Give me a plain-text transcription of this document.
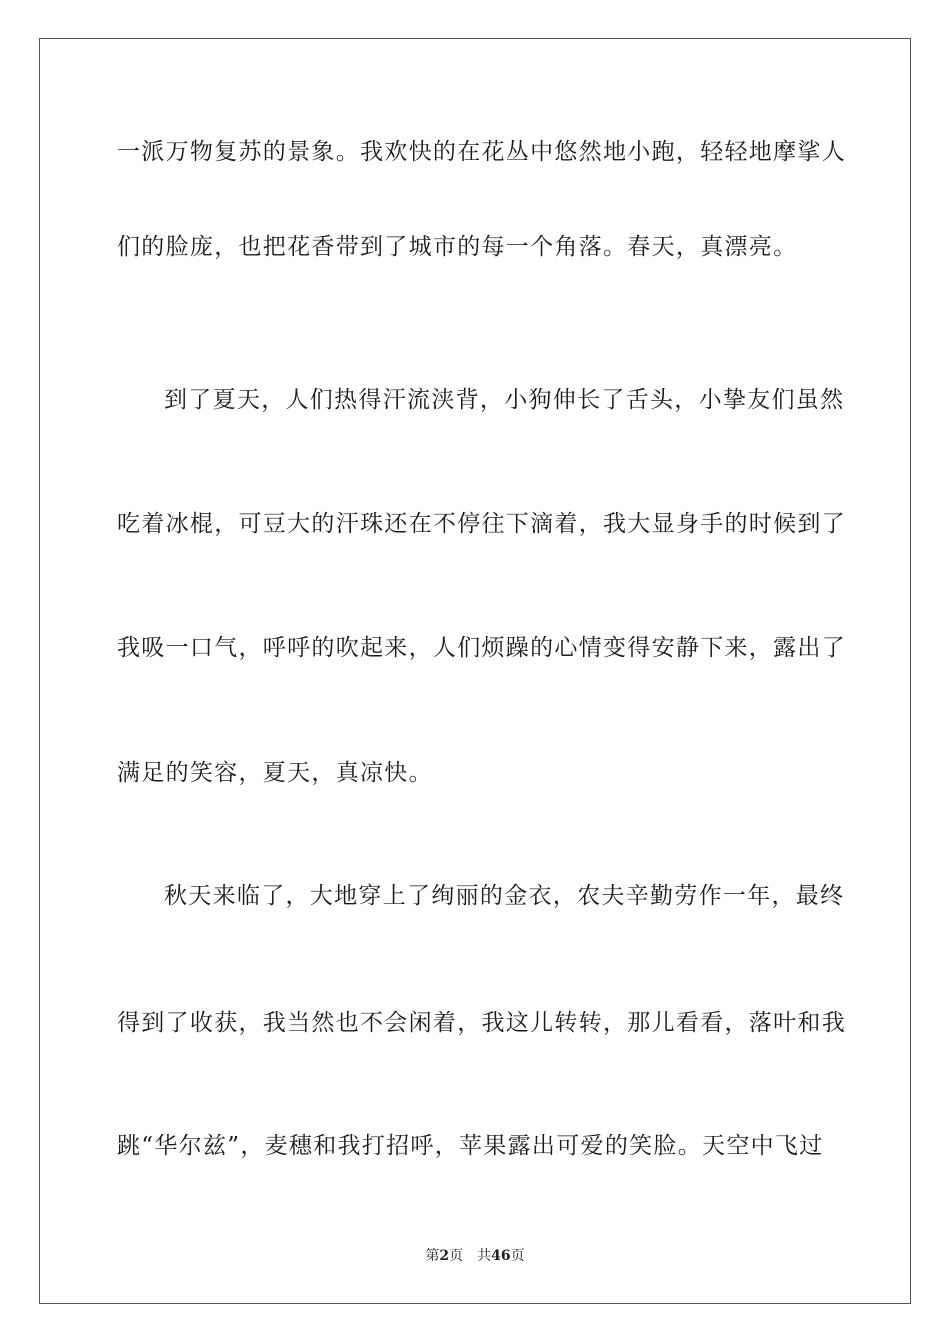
一派万物复苏的景象。我欢快的在花丛中悠然地小跑，轻轻地摩挲人
们的脸庞，也把花香带到了城市的每一个角落。春天，真漂亮。
到了夏天，人们热得汗流浃背，小狗伸长了舌头，小挚友们虽然
吃着冰棍，可豆大的汗珠还在不停往下滴着，我大显身手的时候到了
我吸一口气，呼呼的吹起来，人们烦躁的心情变得安静下来，露出了
满足的笑容，夏天，真凉快。
秋天来临了，大地穿上了绚丽的金衣，农夫辛勤劳作一年，最终
得到了收获，我当然也不会闲着，我这儿转转，那儿看看，落叶和我
跳“华尔兹”，麦穗和我打招呼，苹果露出可爱的笑脸。天空中飞过
第2页 共46页
